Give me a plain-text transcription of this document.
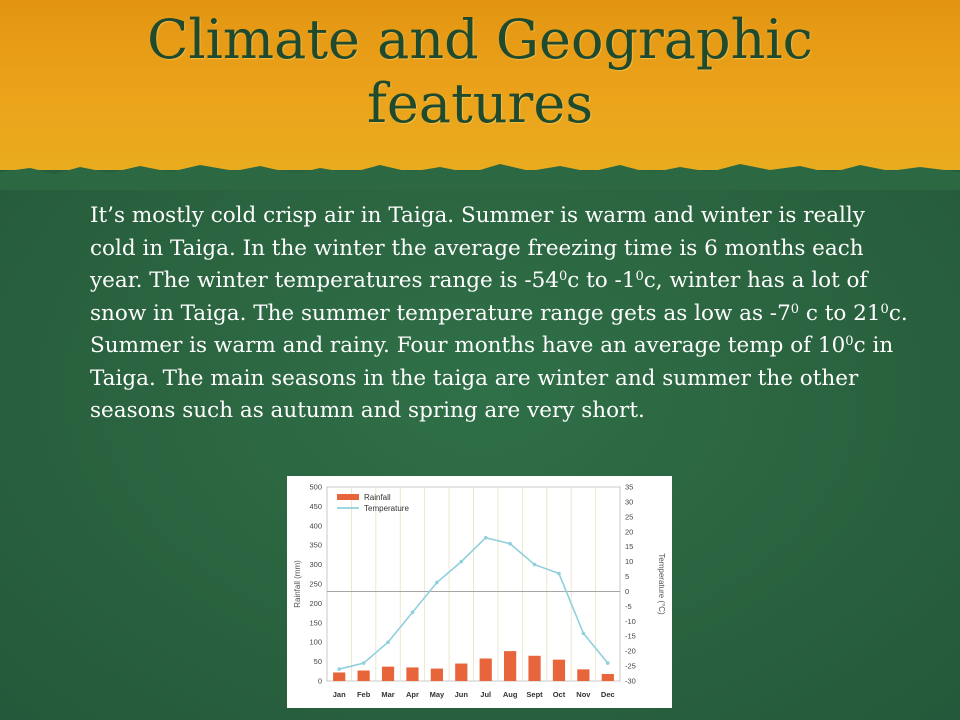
Climate and Geographic
features

It’s mostly cold crisp air in Taiga. Summer is warm and winter is really cold in Taiga. In the winter the average freezing time is 6 months each year. The winter temperatures range is $-54^0c$ to $-1^0c$, winter has a lot of snow in Taiga. The summer temperature range gets as low as $-7^0$ c to $21^0c$. Summer is warm and rainy. Four months have an average temp of $10^0c$ in Taiga. The main seasons in the taiga are winter and summer the other seasons such as autumn and spring are very short.

0
50
100
150
200
250
300
350
400
450
500	35
30
25
20
15
10
5
0
-5
-10
-15
-20
-25
-30
Jan Feb Mar Apr May Jun Jul Aug Sept Oct Nov Dec
Rainfall (mm)	Temperature (°C)
Rainfall
Temperature
